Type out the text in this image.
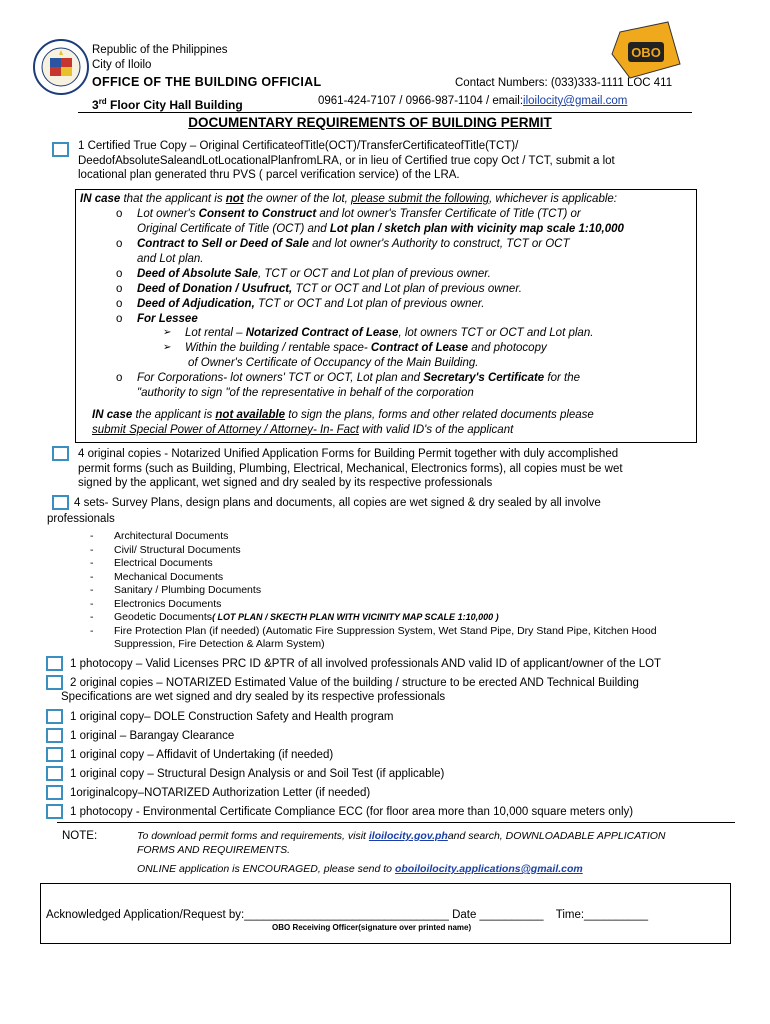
Republic of the Philippines
City of Iloilo
OFFICE OF THE BUILDING OFFICIAL
3rd Floor City Hall Building
OBO
Contact Numbers: (033)333-1111 LOC 411
0961-424-7107 / 0966-987-1104 / email:iloilocity@gmail.com
DOCUMENTARY REQUIREMENTS OF BUILDING PERMIT
1 Certified True Copy – Original CertificateofTitle(OCT)/TransferCertificateofTitle(TCT)/
DeedofAbsoluteSaleandLotLocationalPlanfromLRA, or in lieu of Certified true copy Oct / TCT, submit a lot
locational plan generated thru PVS ( parcel verification service) of the LRA.
IN case that the applicant is not the owner of the lot, please submit the following, whichever is applicable:
o Lot owner's Consent to Construct and lot owner's Transfer Certificate of Title (TCT) or
Original Certificate of Title (OCT) and Lot plan / sketch plan with vicinity map scale 1:10,000
o Contract to Sell or Deed of Sale and lot owner's Authority to construct, TCT or OCT
and Lot plan.
o Deed of Absolute Sale, TCT or OCT and Lot plan of previous owner.
o Deed of Donation / Usufruct, TCT or OCT and Lot plan of previous owner.
o Deed of Adjudication, TCT or OCT and Lot plan of previous owner.
o For Lessee
➢ Lot rental – Notarized Contract of Lease, lot owners TCT or OCT and Lot plan.
➢ Within the building / rentable space- Contract of Lease and photocopy
of Owner's Certificate of Occupancy of the Main Building.
o For Corporations- lot owners' TCT or OCT, Lot plan and Secretary's Certificate for the
"authority to sign "of the representative in behalf of the corporation
IN case the applicant is not available to sign the plans, forms and other related documents please
submit Special Power of Attorney / Attorney- In- Fact with valid ID's of the applicant
4 original copies - Notarized Unified Application Forms for Building Permit together with duly accomplished
permit forms (such as Building, Plumbing, Electrical, Mechanical, Electronics forms), all copies must be wet
signed by the applicant, wet signed and dry sealed by its respective professionals
4 sets- Survey Plans, design plans and documents, all copies are wet signed & dry sealed by all involve
professionals
- Architectural Documents
- Civil/ Structural Documents
- Electrical Documents
- Mechanical Documents
- Sanitary / Plumbing Documents
- Electronics Documents
- Geodetic Documents( LOT PLAN / SKECTH PLAN WITH VICINITY MAP SCALE 1:10,000 )
- Fire Protection Plan (if needed) (Automatic Fire Suppression System, Wet Stand Pipe, Dry Stand Pipe, Kitchen Hood
Suppression, Fire Detection & Alarm System)
1 photocopy – Valid Licenses PRC ID &PTR of all involved professionals AND valid ID of applicant/owner of the LOT
2 original copies – NOTARIZED Estimated Value of the building / structure to be erected AND Technical Building
Specifications are wet signed and dry sealed by its respective professionals
1 original copy– DOLE Construction Safety and Health program
1 original – Barangay Clearance
1 original copy – Affidavit of Undertaking (if needed)
1 original copy – Structural Design Analysis or and Soil Test (if applicable)
1originalcopy–NOTARIZED Authorization Letter (if needed)
1 photocopy - Environmental Certificate Compliance ECC (for floor area more than 10,000 square meters only)
NOTE:	To download permit forms and requirements, visit iloilocity.gov.phand search, DOWNLOADABLE APPLICATION
FORMS AND REQUIREMENTS.
ONLINE application is ENCOURAGED, please send to oboiloilocity.applications@gmail.com
Acknowledged Application/Request by:________________________________ Date __________ Time:__________
OBO Receiving Officer(signature over printed name)
